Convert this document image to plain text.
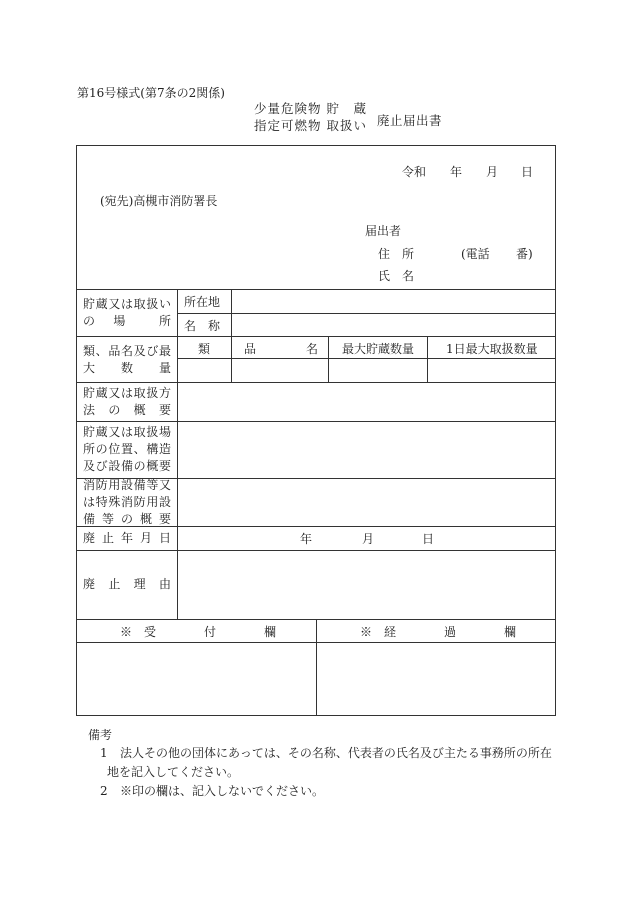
第16号様式(第7条の2関係)
少量危険物 貯　蔵
指定可燃物 取扱い 廃止届出書
令和 年 月 日
(宛先)高槻市消防署長
届出者
住　所	(電話 番)
氏　名
貯蔵又は取扱いの　場　　所
所在地
名　称
類、品名及び最　大　数　量
類	品	名 最大貯蔵数量	1日最大取扱数量
貯蔵又は取扱方法の概要
貯蔵又は取扱場所の位置、構造及び設備の概要
消防用設備等又は特殊消防用設備等の概要
廃止年月日	年	月	日
廃　止　理　由
※　受　　　　付　　　　欄	※　経　　　　過　　　　欄
備考
1 法人その他の団体にあっては、その名称、代表者の氏名及び主たる事務所の所在
地を記入してください。
2 ※印の欄は、記入しないでください。
